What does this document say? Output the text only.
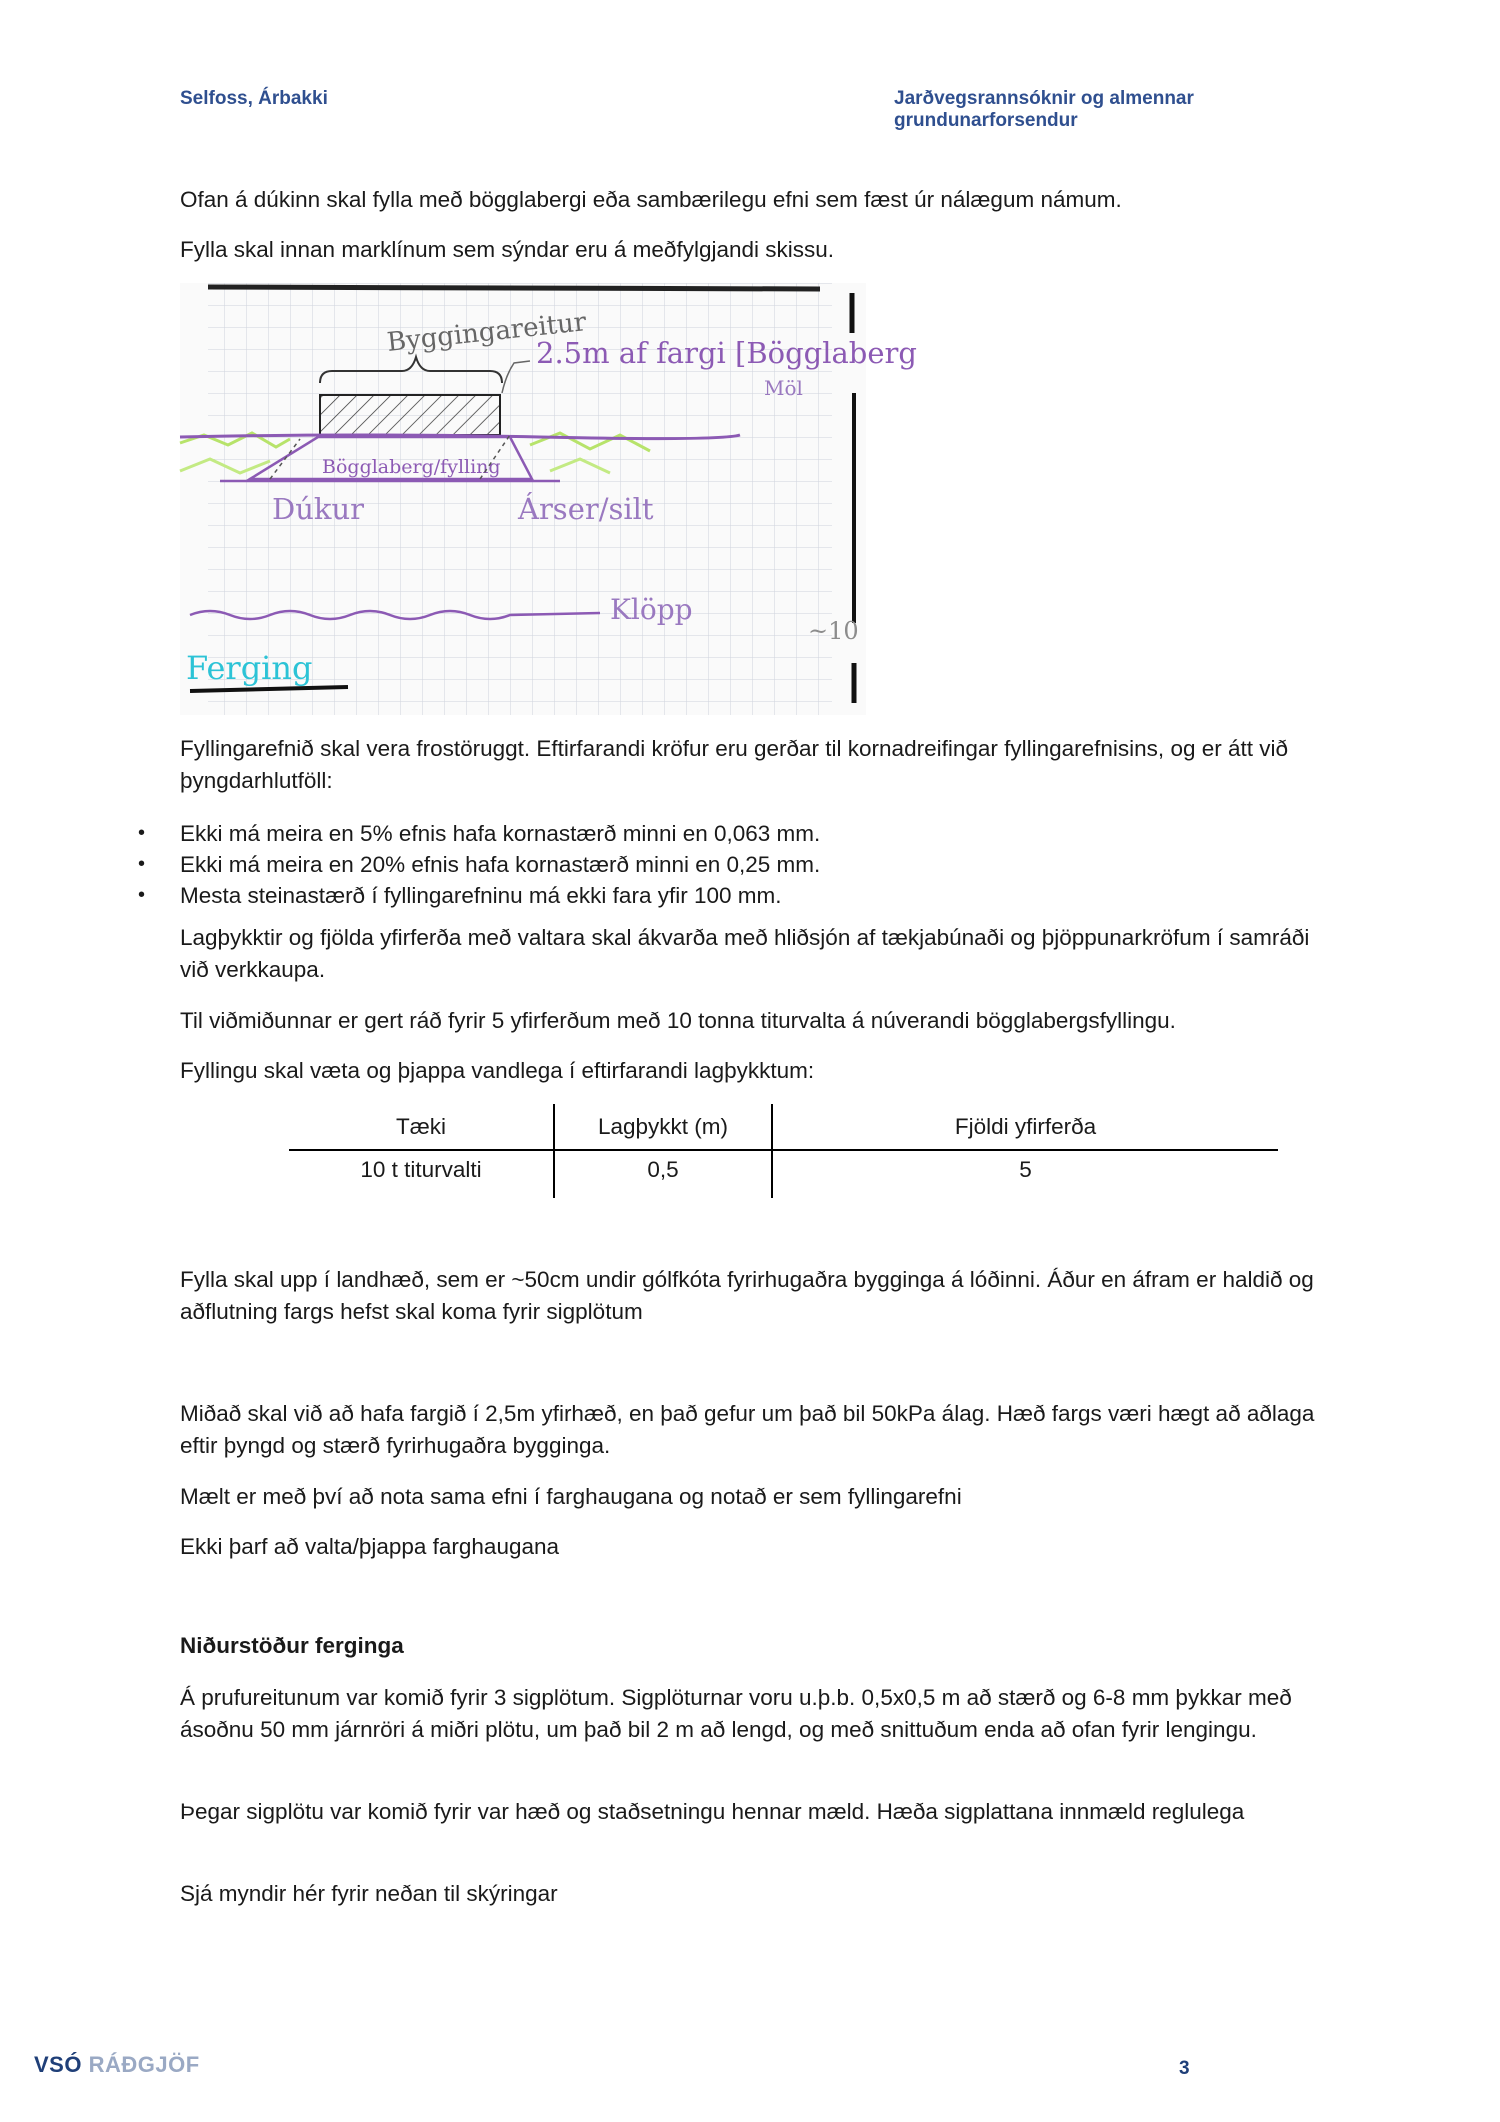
Selfoss, Árbakki	Jarðvegsrannsóknir og almennar
grundunarforsendur
Ofan á dúkinn skal fylla með bögglabergi eða sambærilegu efni sem fæst úr nálægum námum.
Fylla skal innan marklínum sem sýndar eru á meðfylgjandi skissu.
Byggingareitur
2.5m af fargi [Bögglaberg
Möl
Bögglaberg/fylling
Dúkur	Árser/silt
Klöpp
~10
Ferging
Fyllingarefnið skal vera frostöruggt. Eftirfarandi kröfur eru gerðar til kornadreifingar fyllingarefnisins, og er átt við þyngdarhlutföll:
• Ekki má meira en 5% efnis hafa kornastærð minni en 0,063 mm.
• Ekki má meira en 20% efnis hafa kornastærð minni en 0,25 mm.
• Mesta steinastærð í fyllingarefninu má ekki fara yfir 100 mm.
Lagþykktir og fjölda yfirferða með valtara skal ákvarða með hliðsjón af tækjabúnaði og þjöppunarkröfum í samráði við verkkaupa.
Til viðmiðunnar er gert ráð fyrir 5 yfirferðum með 10 tonna titurvalta á núverandi bögglabergsfyllingu.
Fyllingu skal væta og þjappa vandlega í eftirfarandi lagþykktum:
Tæki	Lagþykkt (m)	Fjöldi yfirferða
10 t titurvalti	0,5	5
Fylla skal upp í landhæð, sem er ~50cm undir gólfkóta fyrirhugaðra bygginga á lóðinni. Áður en áfram er haldið og aðflutning fargs hefst skal koma fyrir sigplötum
Miðað skal við að hafa fargið í 2,5m yfirhæð, en það gefur um það bil 50kPa álag. Hæð fargs væri hægt að aðlaga eftir þyngd og stærð fyrirhugaðra bygginga.
Mælt er með því að nota sama efni í farghaugana og notað er sem fyllingarefni
Ekki þarf að valta/þjappa farghaugana
Niðurstöður ferginga
Á prufureitunum var komið fyrir 3 sigplötum. Sigplöturnar voru u.þ.b. 0,5x0,5 m að stærð og 6-8 mm þykkar með ásoðnu 50 mm járnröri á miðri plötu, um það bil 2 m að lengd, og með snittuðum enda að ofan fyrir lengingu.
Þegar sigplötu var komið fyrir var hæð og staðsetningu hennar mæld. Hæða sigplattana innmæld reglulega
Sjá myndir hér fyrir neðan til skýringar
VSÓ RÁÐGJÖF	3
